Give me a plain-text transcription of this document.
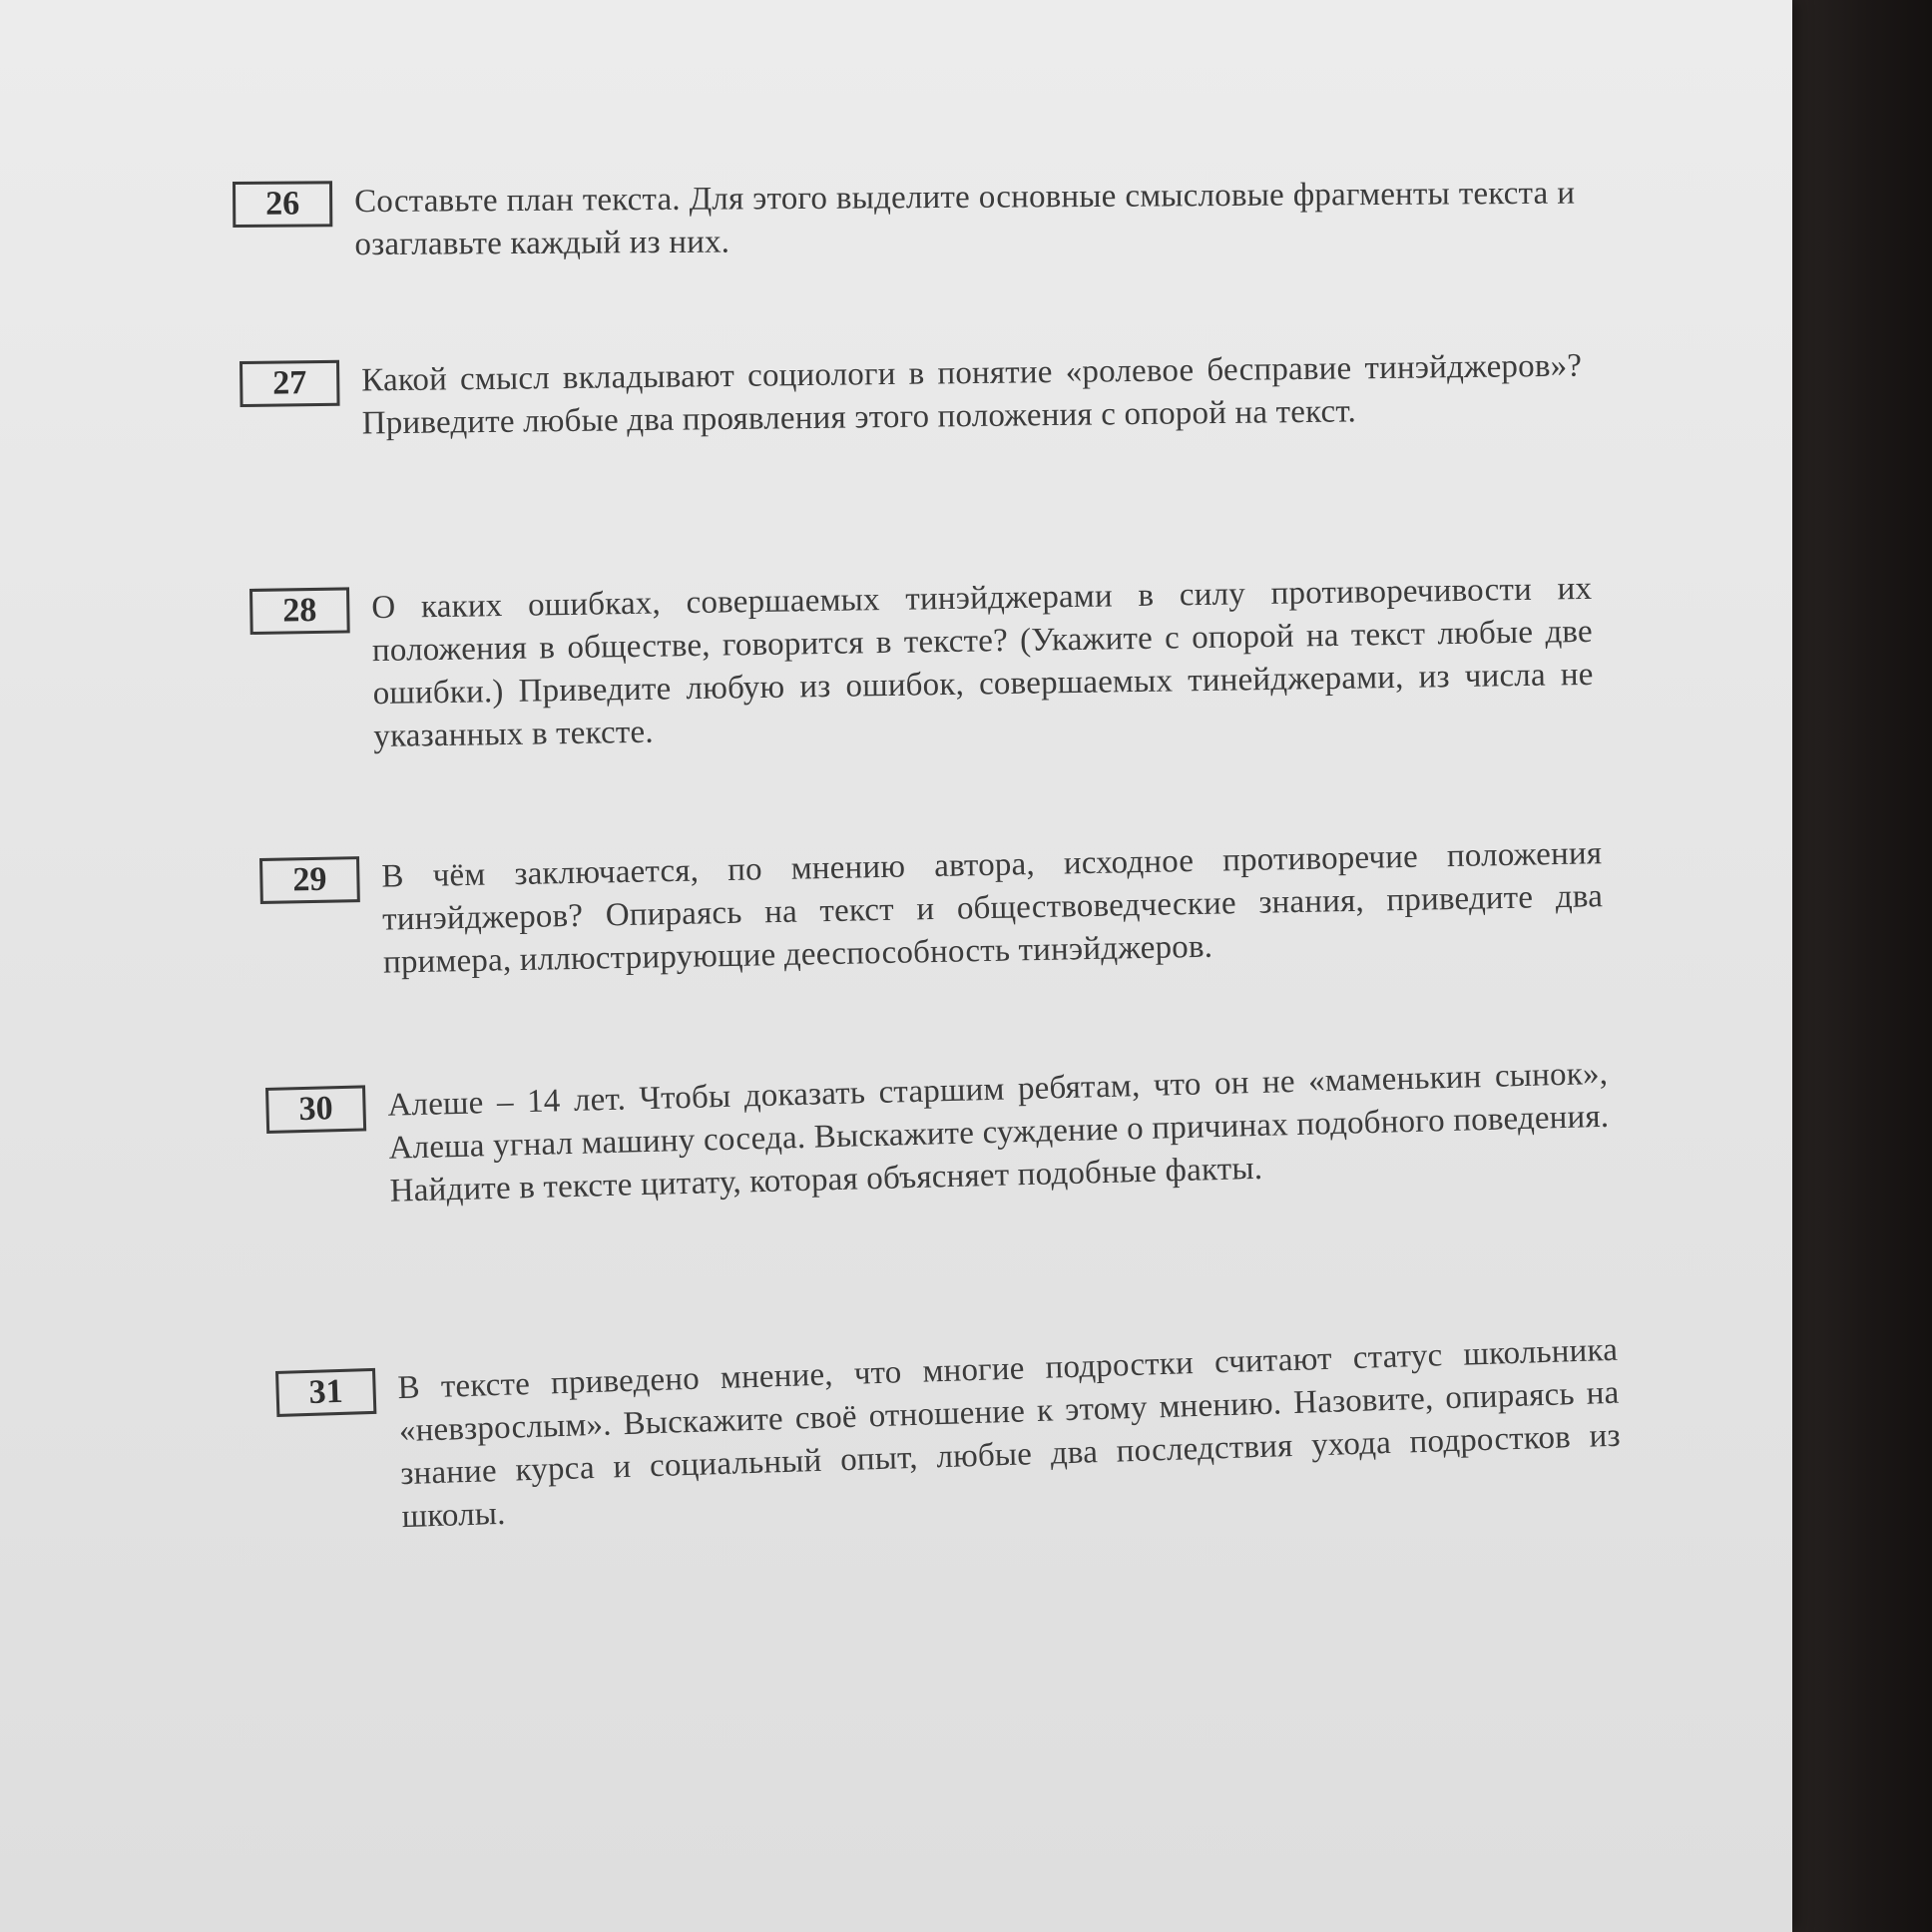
26	Составьте план текста. Для этого выделите основные смысловые фрагменты текста и озаглавьте каждый из них.
27	Какой смысл вкладывают социологи в понятие «ролевое бесправие тинэйджеров»? Приведите любые два проявления этого положения с опорой на текст.
28	О каких ошибках, совершаемых тинэйджерами в силу противоречивости их положения в обществе, говорится в тексте? (Укажите с опорой на текст любые две ошибки.) Приведите любую из ошибок, совершаемых тинейджерами, из числа не указанных в тексте.
29	В чём заключается, по мнению автора, исходное противоречие положения тинэйджеров? Опираясь на текст и обществоведческие знания, приведите два примера, иллюстрирующие дееспособность тинэйджеров.
30	Алеше – 14 лет. Чтобы доказать старшим ребятам, что он не «маменькин сынок», Алеша угнал машину соседа. Выскажите суждение о причинах подобного поведения. Найдите в тексте цитату, которая объясняет подобные факты.
31	В тексте приведено мнение, что многие подростки считают статус школьника «невзрослым». Выскажите своё отношение к этому мнению. Назовите, опираясь на знание курса и социальный опыт, любые два последствия ухода подростков из школы.
